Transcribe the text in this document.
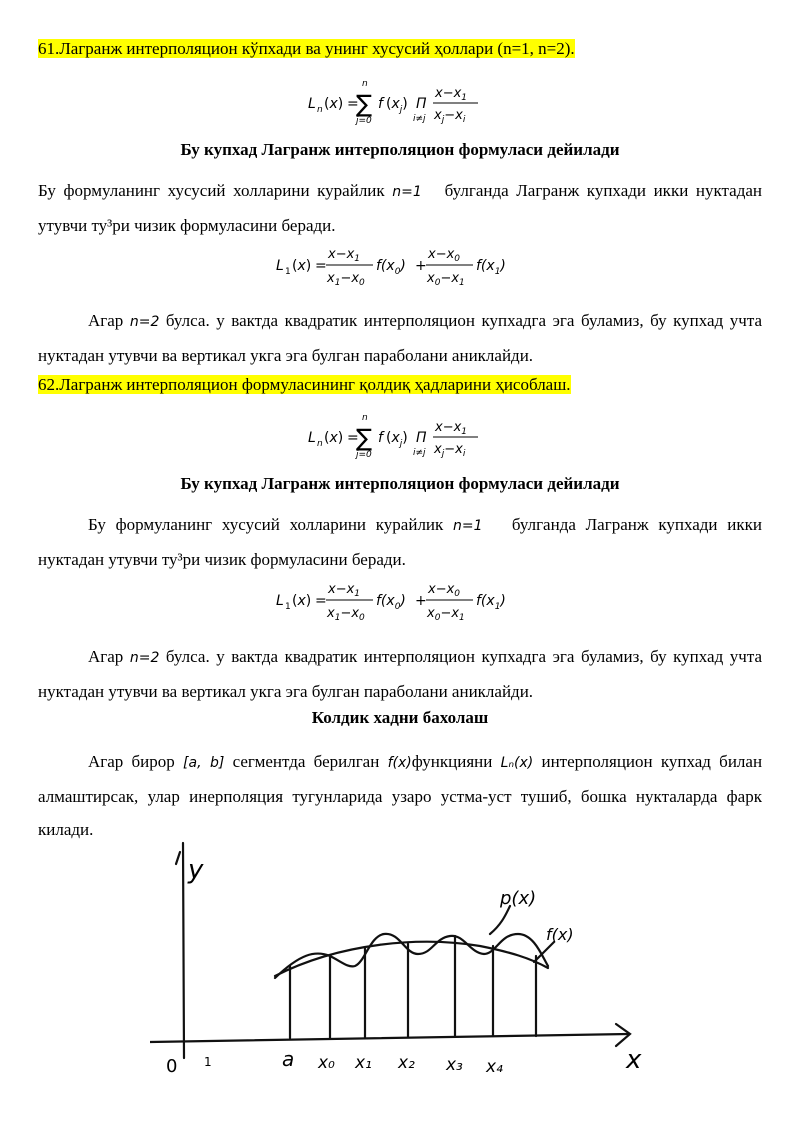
61.Лагранж интерполяцион кўпхади ва унинг хусусий ҳоллари (n=1, n=2).
L n (x) =
∑
n
j=0
f $(x_j)$ Π
i≠j
$x-x_1$
$x_j-x_i$
Бу купхад Лагранж интерполяцион формуласи дейилади
Бу формуланинг хусусий холларини курайлик n=1 булганда Лагранж купхади икки нуктадан утувчи ту³ри чизик формуласини беради.
L 1 (x) =
$x-x_1$
$x_1-x_0$
$f(x_0)$ +
$x-x_0$
$x_0-x_1$
$f(x_1)$
Агар n=2 булса. у вактда квадратик интерполяцион купхадга эга буламиз, бу купхад учта нуктадан утувчи ва вертикал укга эга булган параболани аниклайди.
62.Лагранж интерполяцион формуласининг қолдиқ ҳадларини ҳисоблаш.
L n (x) =
∑
n
j=0
f $(x_j)$ Π
i≠j
$x-x_1$
$x_j-x_i$
Бу купхад Лагранж интерполяцион формуласи дейилади
Бу формуланинг хусусий холларини курайлик n=1 булганда Лагранж купхади икки нуктадан утувчи ту³ри чизик формуласини беради.
L 1 (x) =
$x-x_1$
$x_1-x_0$
$f(x_0)$ +
$x-x_0$
$x_0-x_1$
$f(x_1)$
Агар n=2 булса. у вактда квадратик интерполяцион купхадга эга буламиз, бу купхад учта нуктадан утувчи ва вертикал укга эга булган параболани аниклайди.
Колдик хадни бахолаш
Агар бирор [a, b] сегментда берилган f(x)функцияни Lₙ(x) интерполяцион купхад билан алмаштирсак, улар инерполяция тугунларида узаро устма-уст тушиб, бошка нукталарда фарк килади.
y
x
0 1	a x₀ x₁ x₂ x₃ x₄
p(x)
f(x)
